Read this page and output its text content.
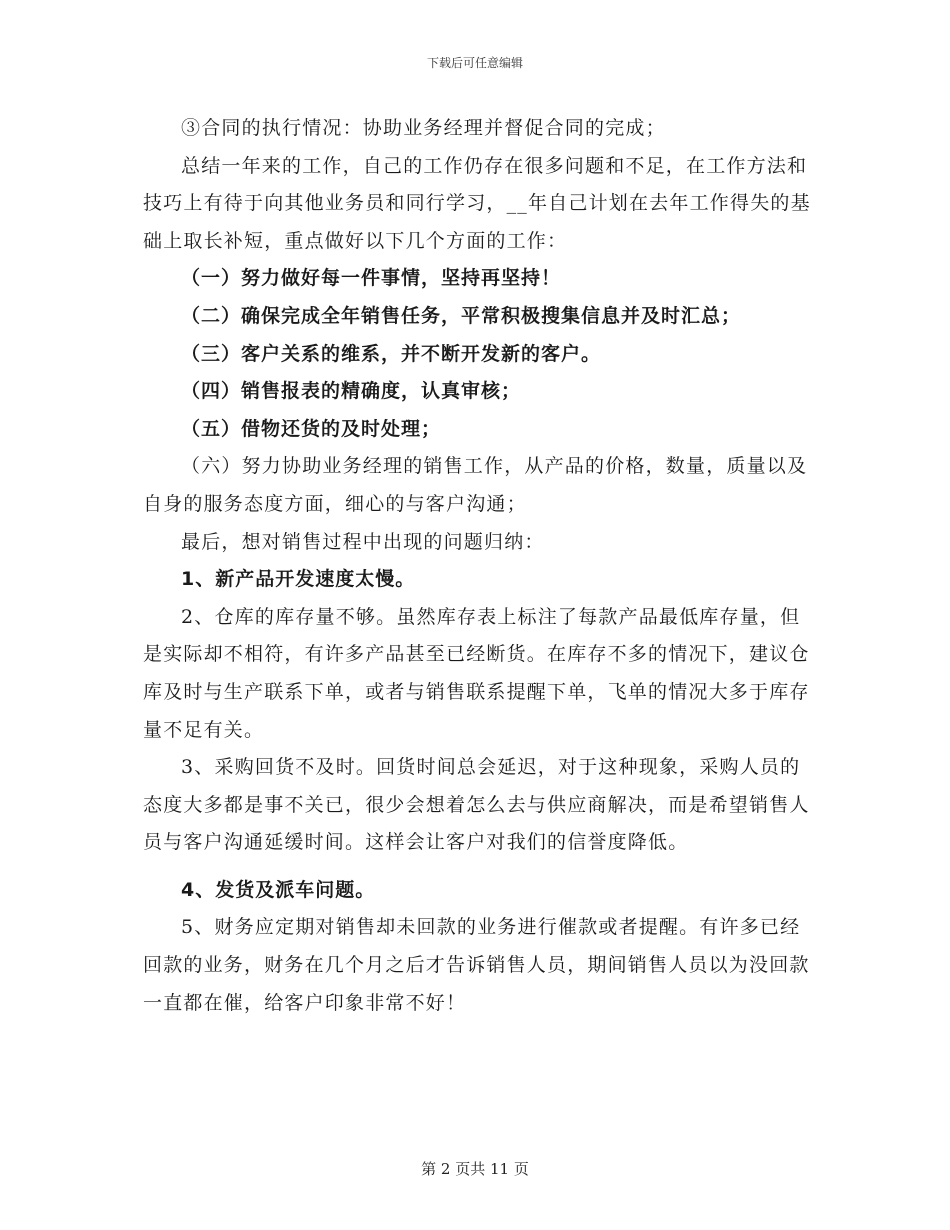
下载后可任意编辑

③合同的执行情况：协助业务经理并督促合同的完成；

总结一年来的工作，自己的工作仍存在很多问题和不足，在工作方法和技巧上有待于向其他业务员和同行学习，__年自己计划在去年工作得失的基础上取长补短，重点做好以下几个方面的工作：

（一）努力做好每一件事情，坚持再坚持！

（二）确保完成全年销售任务，平常积极搜集信息并及时汇总；

（三）客户关系的维系，并不断开发新的客户。

（四）销售报表的精确度，认真审核；

（五）借物还货的及时处理；

（六）努力协助业务经理的销售工作，从产品的价格，数量，质量以及自身的服务态度方面，细心的与客户沟通；

最后，想对销售过程中出现的问题归纳：

1、新产品开发速度太慢。

2、仓库的库存量不够。虽然库存表上标注了每款产品最低库存量，但是实际却不相符，有许多产品甚至已经断货。在库存不多的情况下，建议仓库及时与生产联系下单，或者与销售联系提醒下单，飞单的情况大多于库存量不足有关。

3、采购回货不及时。回货时间总会延迟，对于这种现象，采购人员的态度大多都是事不关已，很少会想着怎么去与供应商解决，而是希望销售人员与客户沟通延缓时间。这样会让客户对我们的信誉度降低。

4、发货及派车问题。

5、财务应定期对销售却未回款的业务进行催款或者提醒。有许多已经回款的业务，财务在几个月之后才告诉销售人员，期间销售人员以为没回款一直都在催，给客户印象非常不好！

第 2 页共 11 页
